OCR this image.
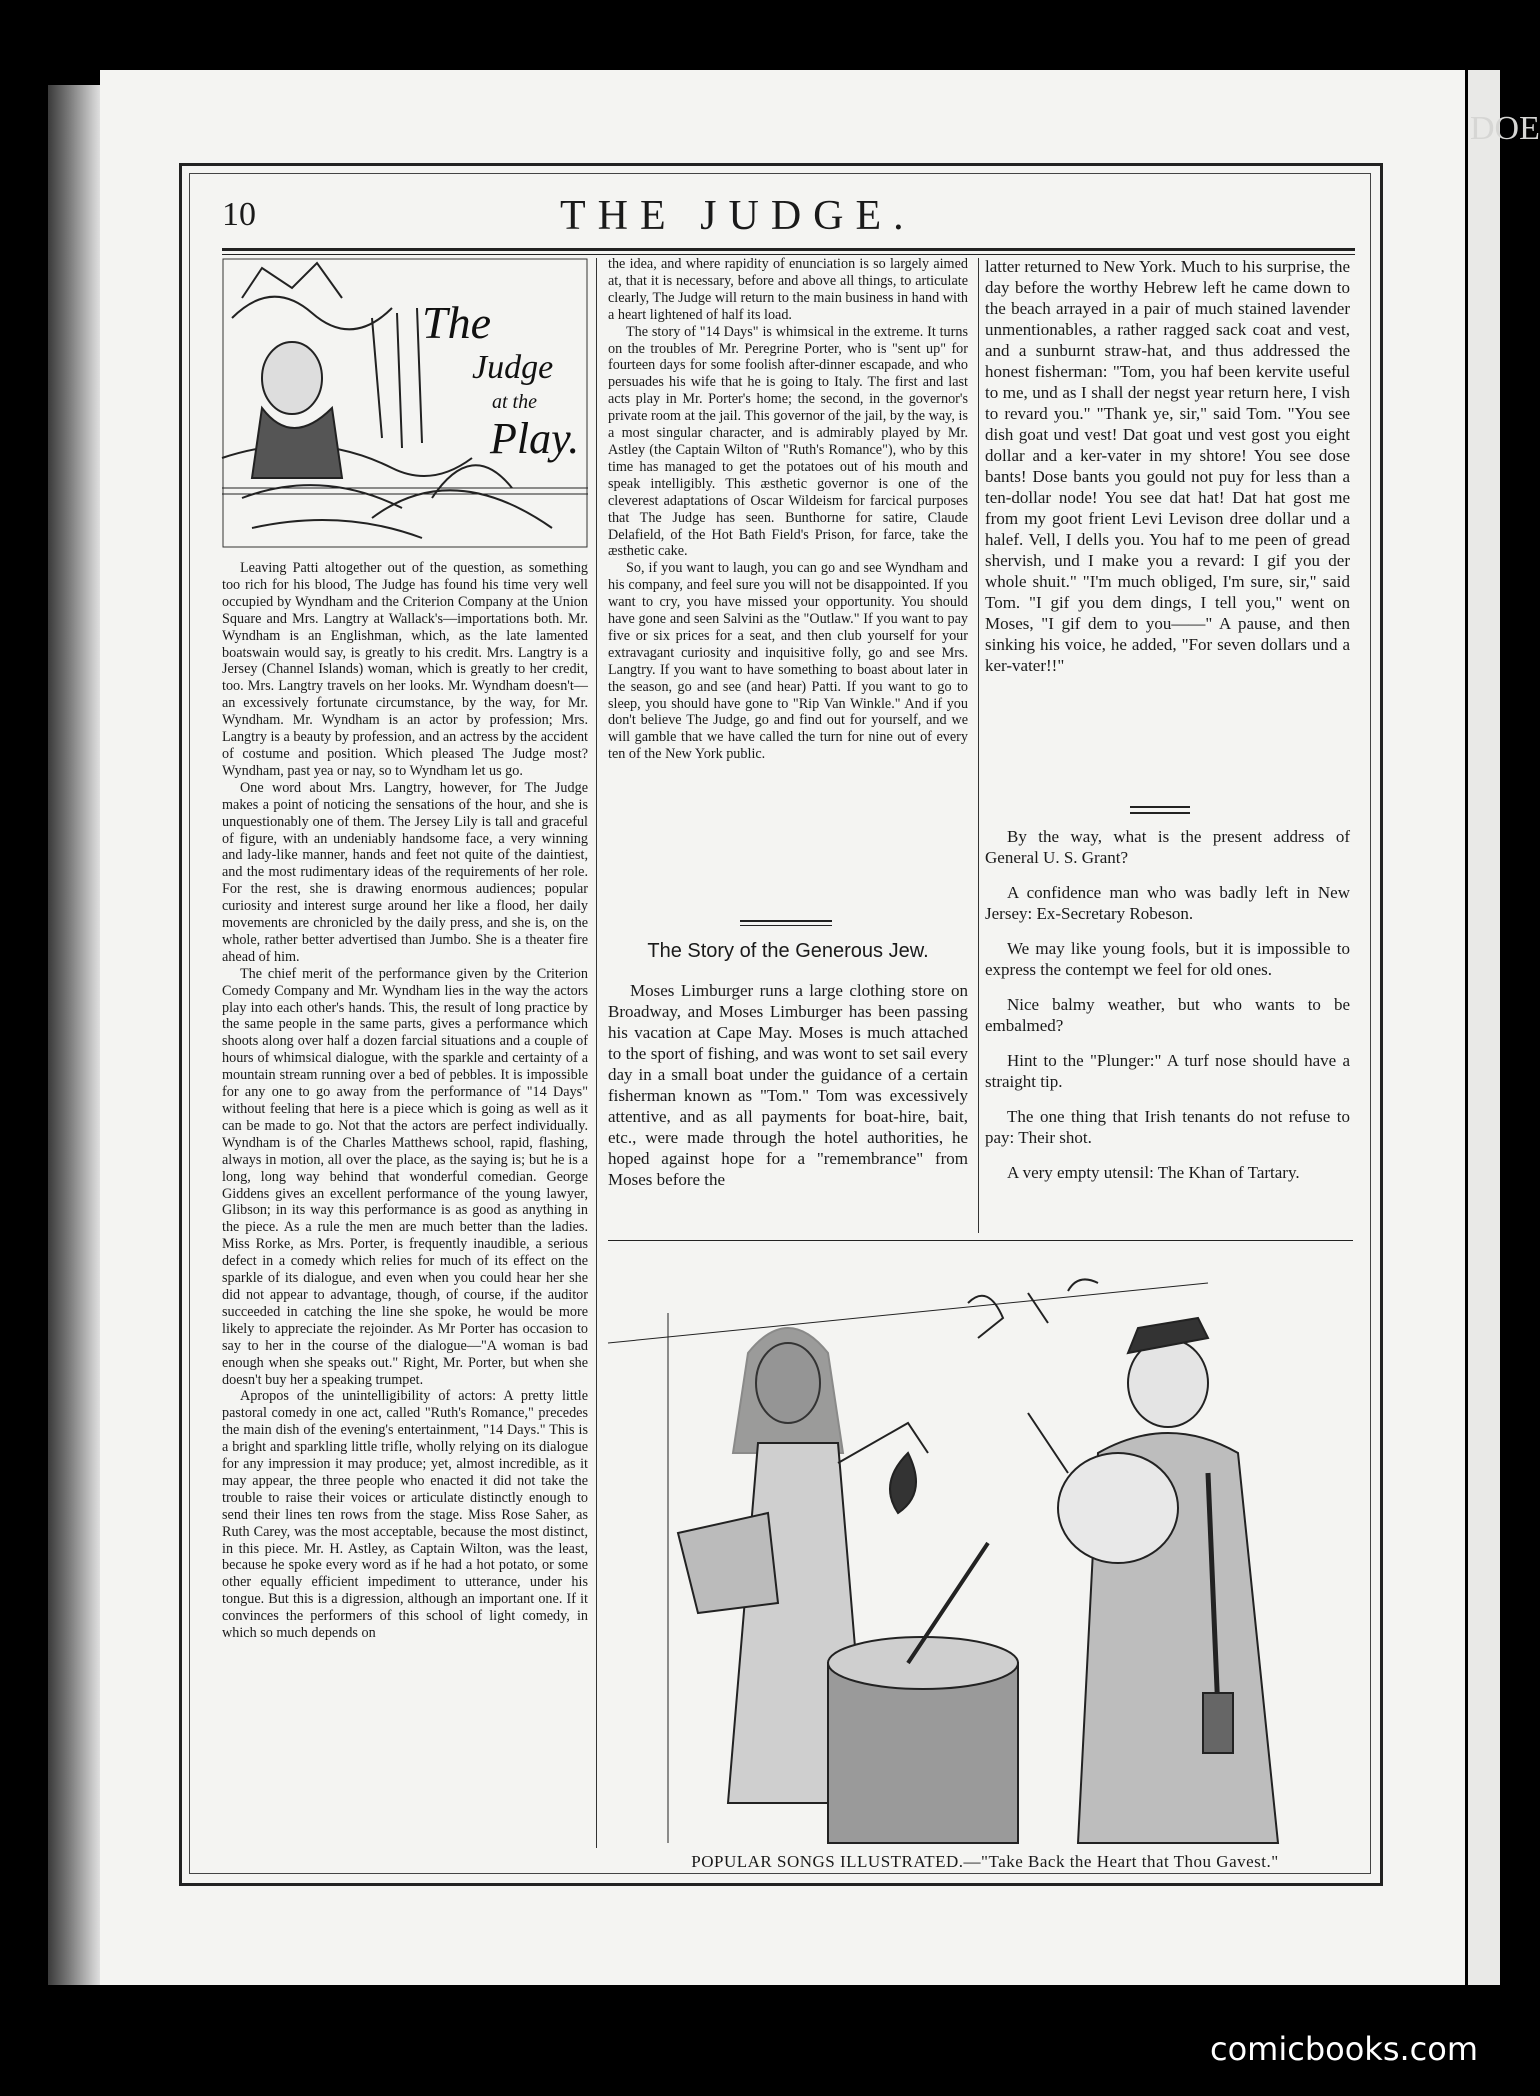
DOE
10	THE JUDGE.
The
Judge
at the
Play.

Leaving Patti altogether out of the question, as something too rich for his blood, The Judge has found his time very well occupied by Wyndham and the Criterion Company at the Union Square and Mrs. Langtry at Wallack's—importations both. Mr. Wyndham is an Englishman, which, as the late lamented boatswain would say, is greatly to his credit. Mrs. Langtry is a Jersey (Channel Islands) woman, which is greatly to her credit, too. Mrs. Langtry travels on her looks. Mr. Wyndham doesn't—an excessively fortunate circumstance, by the way, for Mr. Wyndham. Mr. Wyndham is an actor by profession; Mrs. Langtry is a beauty by profession, and an actress by the accident of costume and position. Which pleased The Judge most? Wyndham, past yea or nay, so to Wyndham let us go.

One word about Mrs. Langtry, however, for The Judge makes a point of noticing the sensations of the hour, and she is unquestionably one of them. The Jersey Lily is tall and graceful of figure, with an undeniably handsome face, a very winning and lady-like manner, hands and feet not quite of the daintiest, and the most rudimentary ideas of the requirements of her role. For the rest, she is drawing enormous audiences; popular curiosity and interest surge around her like a flood, her daily movements are chronicled by the daily press, and she is, on the whole, rather better advertised than Jumbo. She is a theater fire ahead of him.

The chief merit of the performance given by the Criterion Comedy Company and Mr. Wyndham lies in the way the actors play into each other's hands. This, the result of long practice by the same people in the same parts, gives a performance which shoots along over half a dozen farcial situations and a couple of hours of whimsical dialogue, with the sparkle and certainty of a mountain stream running over a bed of pebbles. It is impossible for any one to go away from the performance of "14 Days" without feeling that here is a piece which is going as well as it can be made to go. Not that the actors are perfect individually. Wyndham is of the Charles Matthews school, rapid, flashing, always in motion, all over the place, as the saying is; but he is a long, long way behind that wonderful comedian. George Giddens gives an excellent performance of the young lawyer, Glibson; in its way this performance is as good as anything in the piece. As a rule the men are much better than the ladies. Miss Rorke, as Mrs. Porter, is frequently inaudible, a serious defect in a comedy which relies for much of its effect on the sparkle of its dialogue, and even when you could hear her she did not appear to advantage, though, of course, if the auditor succeeded in catching the line she spoke, he would be more likely to appreciate the rejoinder. As Mr Porter has occasion to say to her in the course of the dialogue—"A woman is bad enough when she speaks out." Right, Mr. Porter, but when she doesn't buy her a speaking trumpet.

Apropos of the unintelligibility of actors: A pretty little pastoral comedy in one act, called "Ruth's Romance," precedes the main dish of the evening's entertainment, "14 Days." This is a bright and sparkling little trifle, wholly relying on its dialogue for any impression it may produce; yet, almost incredible, as it may appear, the three people who enacted it did not take the trouble to raise their voices or articulate distinctly enough to send their lines ten rows from the stage. Miss Rose Saher, as Ruth Carey, was the most acceptable, because the most distinct, in this piece. Mr. H. Astley, as Captain Wilton, was the least, because he spoke every word as if he had a hot potato, or some other equally efficient impediment to utterance, under his tongue. But this is a digression, although an important one. If it convinces the performers of this school of light comedy, in which so much depends on

the idea, and where rapidity of enunciation is so largely aimed at, that it is necessary, before and above all things, to articulate clearly, The Judge will return to the main business in hand with a heart lightened of half its load.

The story of "14 Days" is whimsical in the extreme. It turns on the troubles of Mr. Peregrine Porter, who is "sent up" for fourteen days for some foolish after-dinner escapade, and who persuades his wife that he is going to Italy. The first and last acts play in Mr. Porter's home; the second, in the governor's private room at the jail. This governor of the jail, by the way, is a most singular character, and is admirably played by Mr. Astley (the Captain Wilton of "Ruth's Romance"), who by this time has managed to get the potatoes out of his mouth and speak intelligibly. This æsthetic governor is one of the cleverest adaptations of Oscar Wildeism for farcical purposes that The Judge has seen. Bunthorne for satire, Claude Delafield, of the Hot Bath Field's Prison, for farce, take the æsthetic cake.

So, if you want to laugh, you can go and see Wyndham and his company, and feel sure you will not be disappointed. If you want to cry, you have missed your opportunity. You should have gone and seen Salvini as the "Outlaw." If you want to pay five or six prices for a seat, and then club yourself for your extravagant curiosity and inquisitive folly, go and see Mrs. Langtry. If you want to have something to boast about later in the season, go and see (and hear) Patti. If you want to go to sleep, you should have gone to "Rip Van Winkle." And if you don't believe The Judge, go and find out for yourself, and we will gamble that we have called the turn for nine out of every ten of the New York public.

The Story of the Generous Jew.

Moses Limburger runs a large clothing store on Broadway, and Moses Limburger has been passing his vacation at Cape May. Moses is much attached to the sport of fishing, and was wont to set sail every day in a small boat under the guidance of a certain fisherman known as "Tom." Tom was excessively attentive, and as all payments for boat-hire, bait, etc., were made through the hotel authorities, he hoped against hope for a "remembrance" from Moses before the

latter returned to New York. Much to his surprise, the day before the worthy Hebrew left he came down to the beach arrayed in a pair of much stained lavender unmentionables, a rather ragged sack coat and vest, and a sunburnt straw-hat, and thus addressed the honest fisherman: "Tom, you haf been kervite useful to me, und as I shall der negst year return here, I vish to revard you." "Thank ye, sir," said Tom. "You see dish goat und vest! Dat goat und vest gost you eight dollar and a ker-vater in my shtore! You see dose bants! Dose bants you gould not puy for less than a ten-dollar node! You see dat hat! Dat hat gost me from my goot frient Levi Levison dree dollar und a halef. Vell, I dells you. You haf to me peen of gread shervish, und I make you a revard: I gif you der whole shuit." "I'm much obliged, I'm sure, sir," said Tom. "I gif you dem dings, I tell you," went on Moses, "I gif dem to you——" A pause, and then sinking his voice, he added, "For seven dollars und a ker-vater!!"

By the way, what is the present address of General U. S. Grant?

A confidence man who was badly left in New Jersey: Ex-Secretary Robeson.

We may like young fools, but it is impossible to express the contempt we feel for old ones.

Nice balmy weather, but who wants to be embalmed?

Hint to the "Plunger:" A turf nose should have a straight tip.

The one thing that Irish tenants do not refuse to pay: Their shot.

A very empty utensil: The Khan of Tartary.

POPULAR SONGS ILLUSTRATED.—"Take Back the Heart that Thou Gavest."
comicbooks.com
